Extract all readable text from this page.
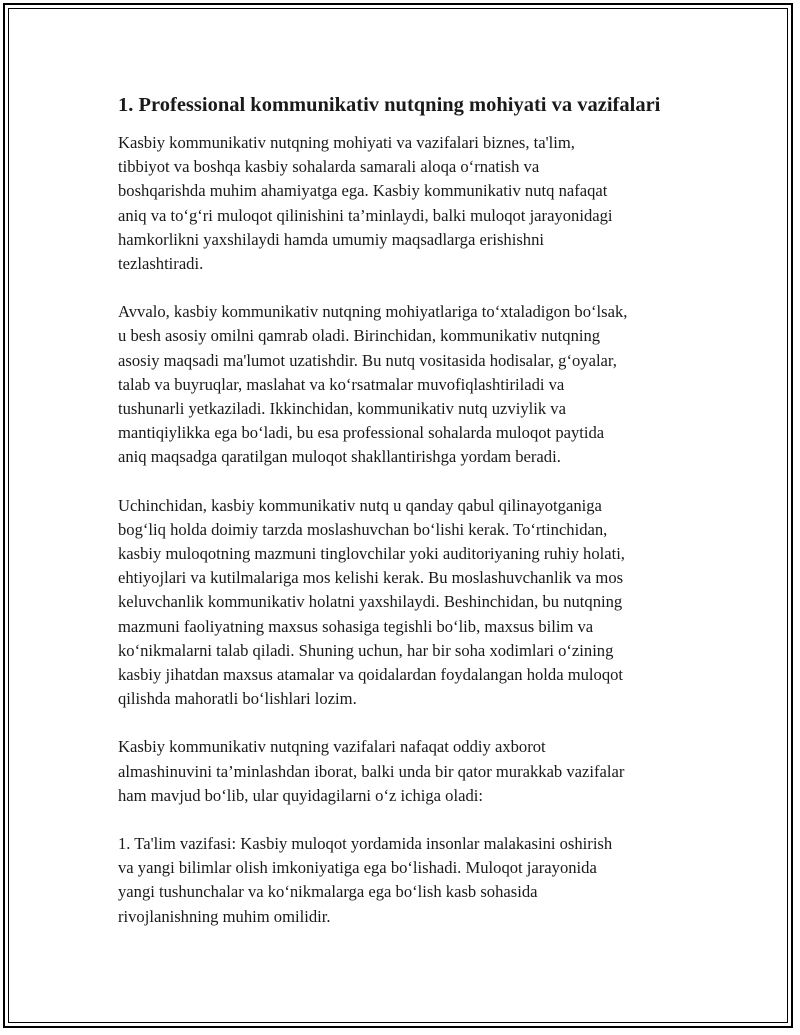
1. Professional kommunikativ nutqning mohiyati va vazifalari

Kasbiy kommunikativ nutqning mohiyati va vazifalari biznes, ta'lim,
tibbiyot va boshqa kasbiy sohalarda samarali aloqa oʻrnatish va
boshqarishda muhim ahamiyatga ega. Kasbiy kommunikativ nutq nafaqat
aniq va toʻgʻri muloqot qilinishini ta’minlaydi, balki muloqot jarayonidagi
hamkorlikni yaxshilaydi hamda umumiy maqsadlarga erishishni
tezlashtiradi.

Avvalo, kasbiy kommunikativ nutqning mohiyatlariga toʻxtaladigon boʻlsak,
u besh asosiy omilni qamrab oladi. Birinchidan, kommunikativ nutqning
asosiy maqsadi ma'lumot uzatishdir. Bu nutq vositasida hodisalar, gʻoyalar,
talab va buyruqlar, maslahat va koʻrsatmalar muvofiqlashtiriladi va
tushunarli yetkaziladi. Ikkinchidan, kommunikativ nutq uzviylik va
mantiqiylikka ega boʻladi, bu esa professional sohalarda muloqot paytida
aniq maqsadga qaratilgan muloqot shakllantirishga yordam beradi.

Uchinchidan, kasbiy kommunikativ nutq u qanday qabul qilinayotganiga
bogʻliq holda doimiy tarzda moslashuvchan boʻlishi kerak. Toʻrtinchidan,
kasbiy muloqotning mazmuni tinglovchilar yoki auditoriyaning ruhiy holati,
ehtiyojlari va kutilmalariga mos kelishi kerak. Bu moslashuvchanlik va mos
keluvchanlik kommunikativ holatni yaxshilaydi. Beshinchidan, bu nutqning
mazmuni faoliyatning maxsus sohasiga tegishli boʻlib, maxsus bilim va
koʻnikmalarni talab qiladi. Shuning uchun, har bir soha xodimlari oʻzining
kasbiy jihatdan maxsus atamalar va qoidalardan foydalangan holda muloqot
qilishda mahoratli boʻlishlari lozim.

Kasbiy kommunikativ nutqning vazifalari nafaqat oddiy axborot
almashinuvini ta’minlashdan iborat, balki unda bir qator murakkab vazifalar
ham mavjud boʻlib, ular quyidagilarni oʻz ichiga oladi:

1. Ta'lim vazifasi: Kasbiy muloqot yordamida insonlar malakasini oshirish
va yangi bilimlar olish imkoniyatiga ega boʻlishadi. Muloqot jarayonida
yangi tushunchalar va koʻnikmalarga ega boʻlish kasb sohasida
rivojlanishning muhim omilidir.
